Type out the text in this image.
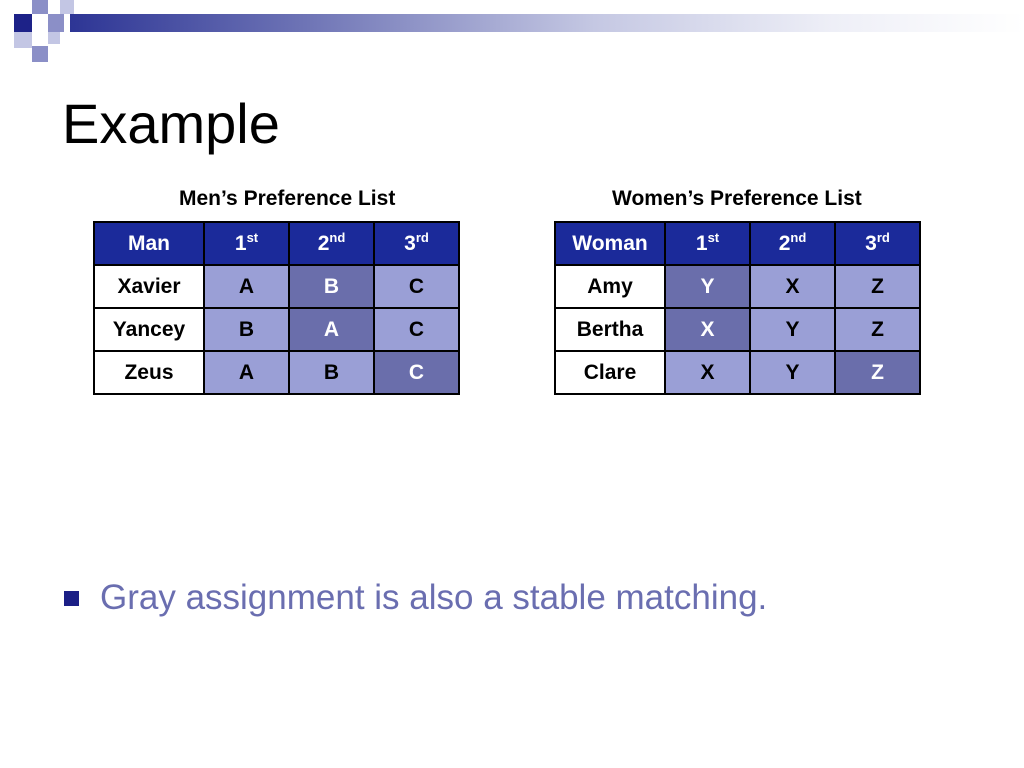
Example
Men’s Preference List
Man	1st	2nd	3rd
Xavier	A	B	C
Yancey	B	A	C
Zeus	A	B	C
Women’s Preference List
Woman	1st	2nd	3rd
Amy	Y	X	Z
Bertha	X	Y	Z
Clare	X	Y	Z
Gray assignment is also a stable matching.
